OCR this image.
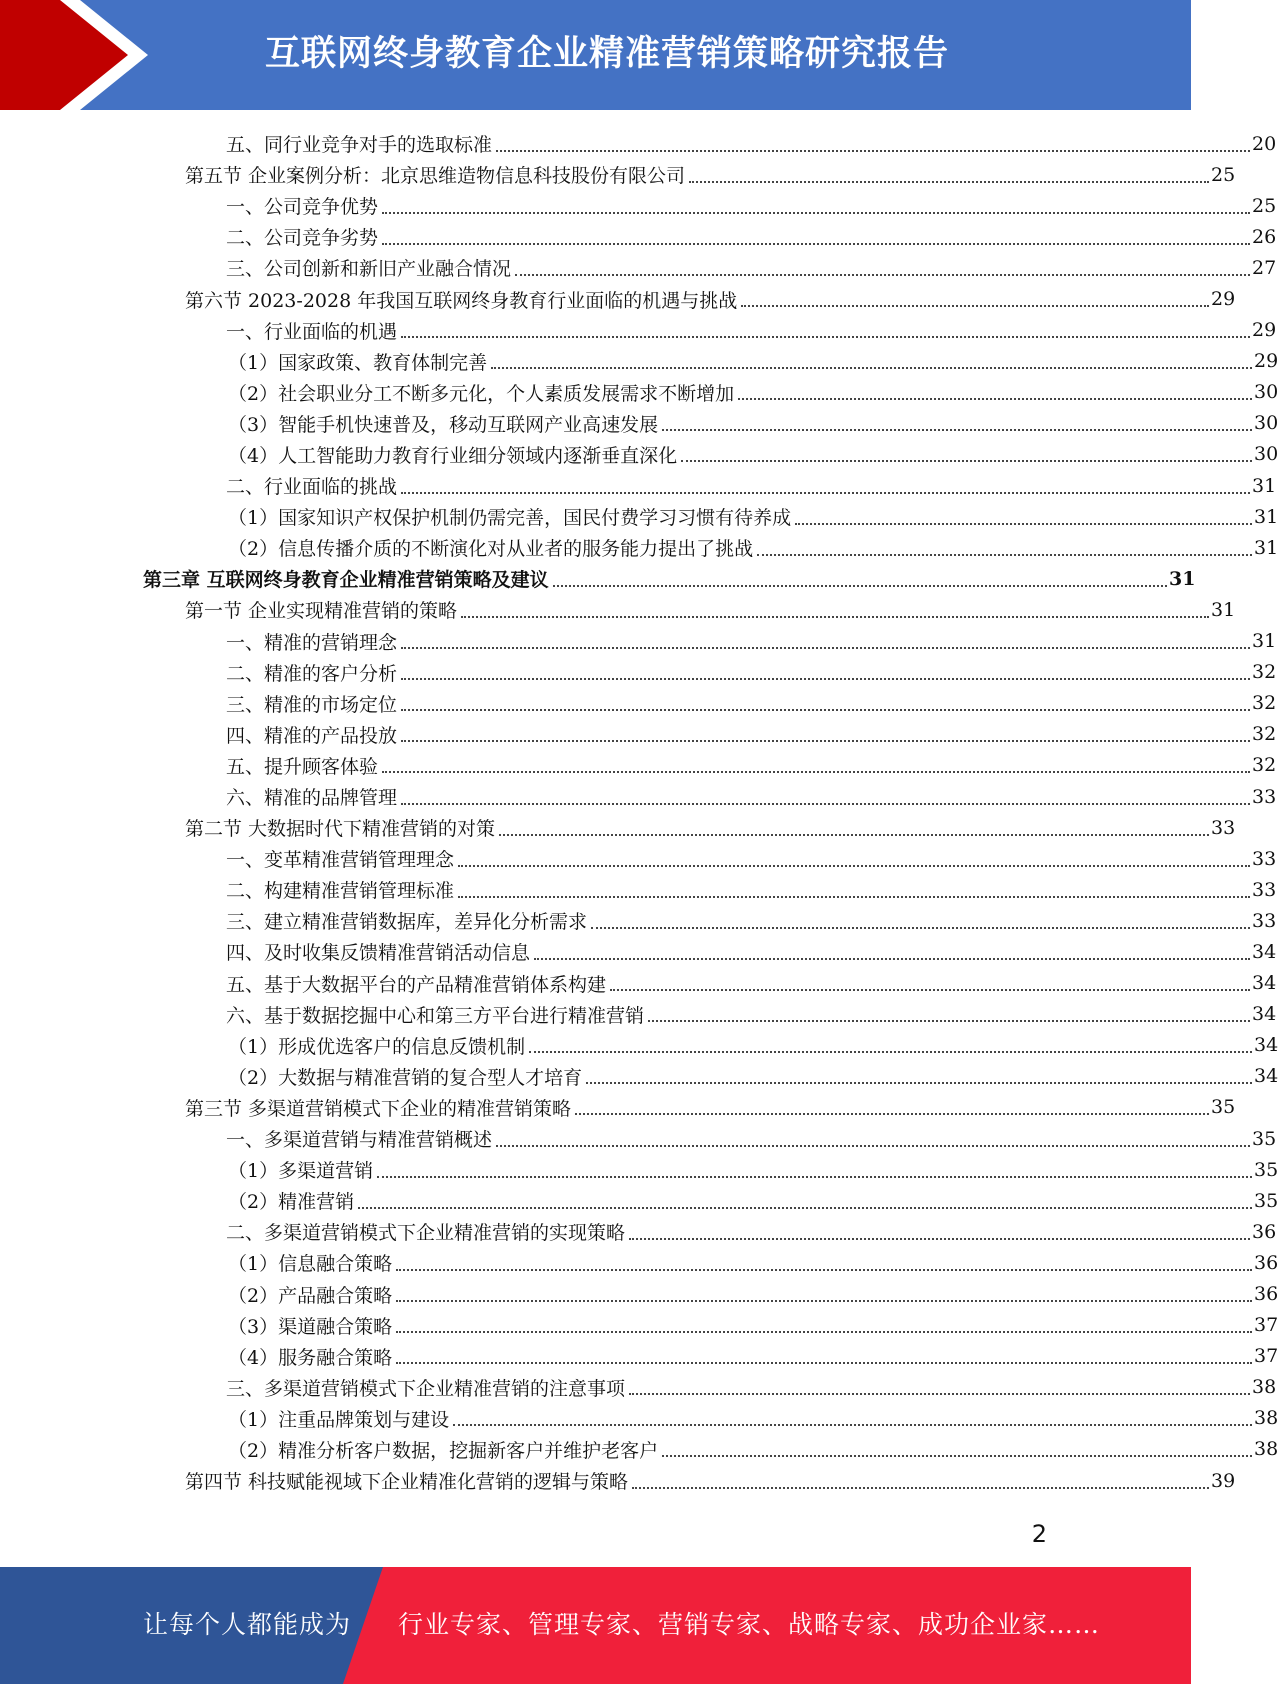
互联网终身教育企业精准营销策略研究报告
五、同行业竞争对手的选取标准	20
第五节 企业案例分析：北京思维造物信息科技股份有限公司	25
一、公司竞争优势	25
二、公司竞争劣势	26
三、公司创新和新旧产业融合情况	27
第六节 2023-2028 年我国互联网终身教育行业面临的机遇与挑战	29
一、行业面临的机遇	29
（1）国家政策、教育体制完善	29
（2）社会职业分工不断多元化，个人素质发展需求不断增加	30
（3）智能手机快速普及，移动互联网产业高速发展	30
（4）人工智能助力教育行业细分领域内逐渐垂直深化	30
二、行业面临的挑战	31
（1）国家知识产权保护机制仍需完善，国民付费学习习惯有待养成	31
（2）信息传播介质的不断演化对从业者的服务能力提出了挑战	31
第三章 互联网终身教育企业精准营销策略及建议	31
第一节 企业实现精准营销的策略	31
一、精准的营销理念	31
二、精准的客户分析	32
三、精准的市场定位	32
四、精准的产品投放	32
五、提升顾客体验	32
六、精准的品牌管理	33
第二节 大数据时代下精准营销的对策	33
一、变革精准营销管理理念	33
二、构建精准营销管理标准	33
三、建立精准营销数据库，差异化分析需求	33
四、及时收集反馈精准营销活动信息	34
五、基于大数据平台的产品精准营销体系构建	34
六、基于数据挖掘中心和第三方平台进行精准营销	34
（1）形成优选客户的信息反馈机制	34
（2）大数据与精准营销的复合型人才培育	34
第三节 多渠道营销模式下企业的精准营销策略	35
一、多渠道营销与精准营销概述	35
（1）多渠道营销	35
（2）精准营销	35
二、多渠道营销模式下企业精准营销的实现策略	36
（1）信息融合策略	36
（2）产品融合策略	36
（3）渠道融合策略	37
（4）服务融合策略	37
三、多渠道营销模式下企业精准营销的注意事项	38
（1）注重品牌策划与建设	38
（2）精准分析客户数据，挖掘新客户并维护老客户	38
第四节 科技赋能视域下企业精准化营销的逻辑与策略	39
2
让每个人都能成为 行业专家、管理专家、营销专家、战略专家、成功企业家……
